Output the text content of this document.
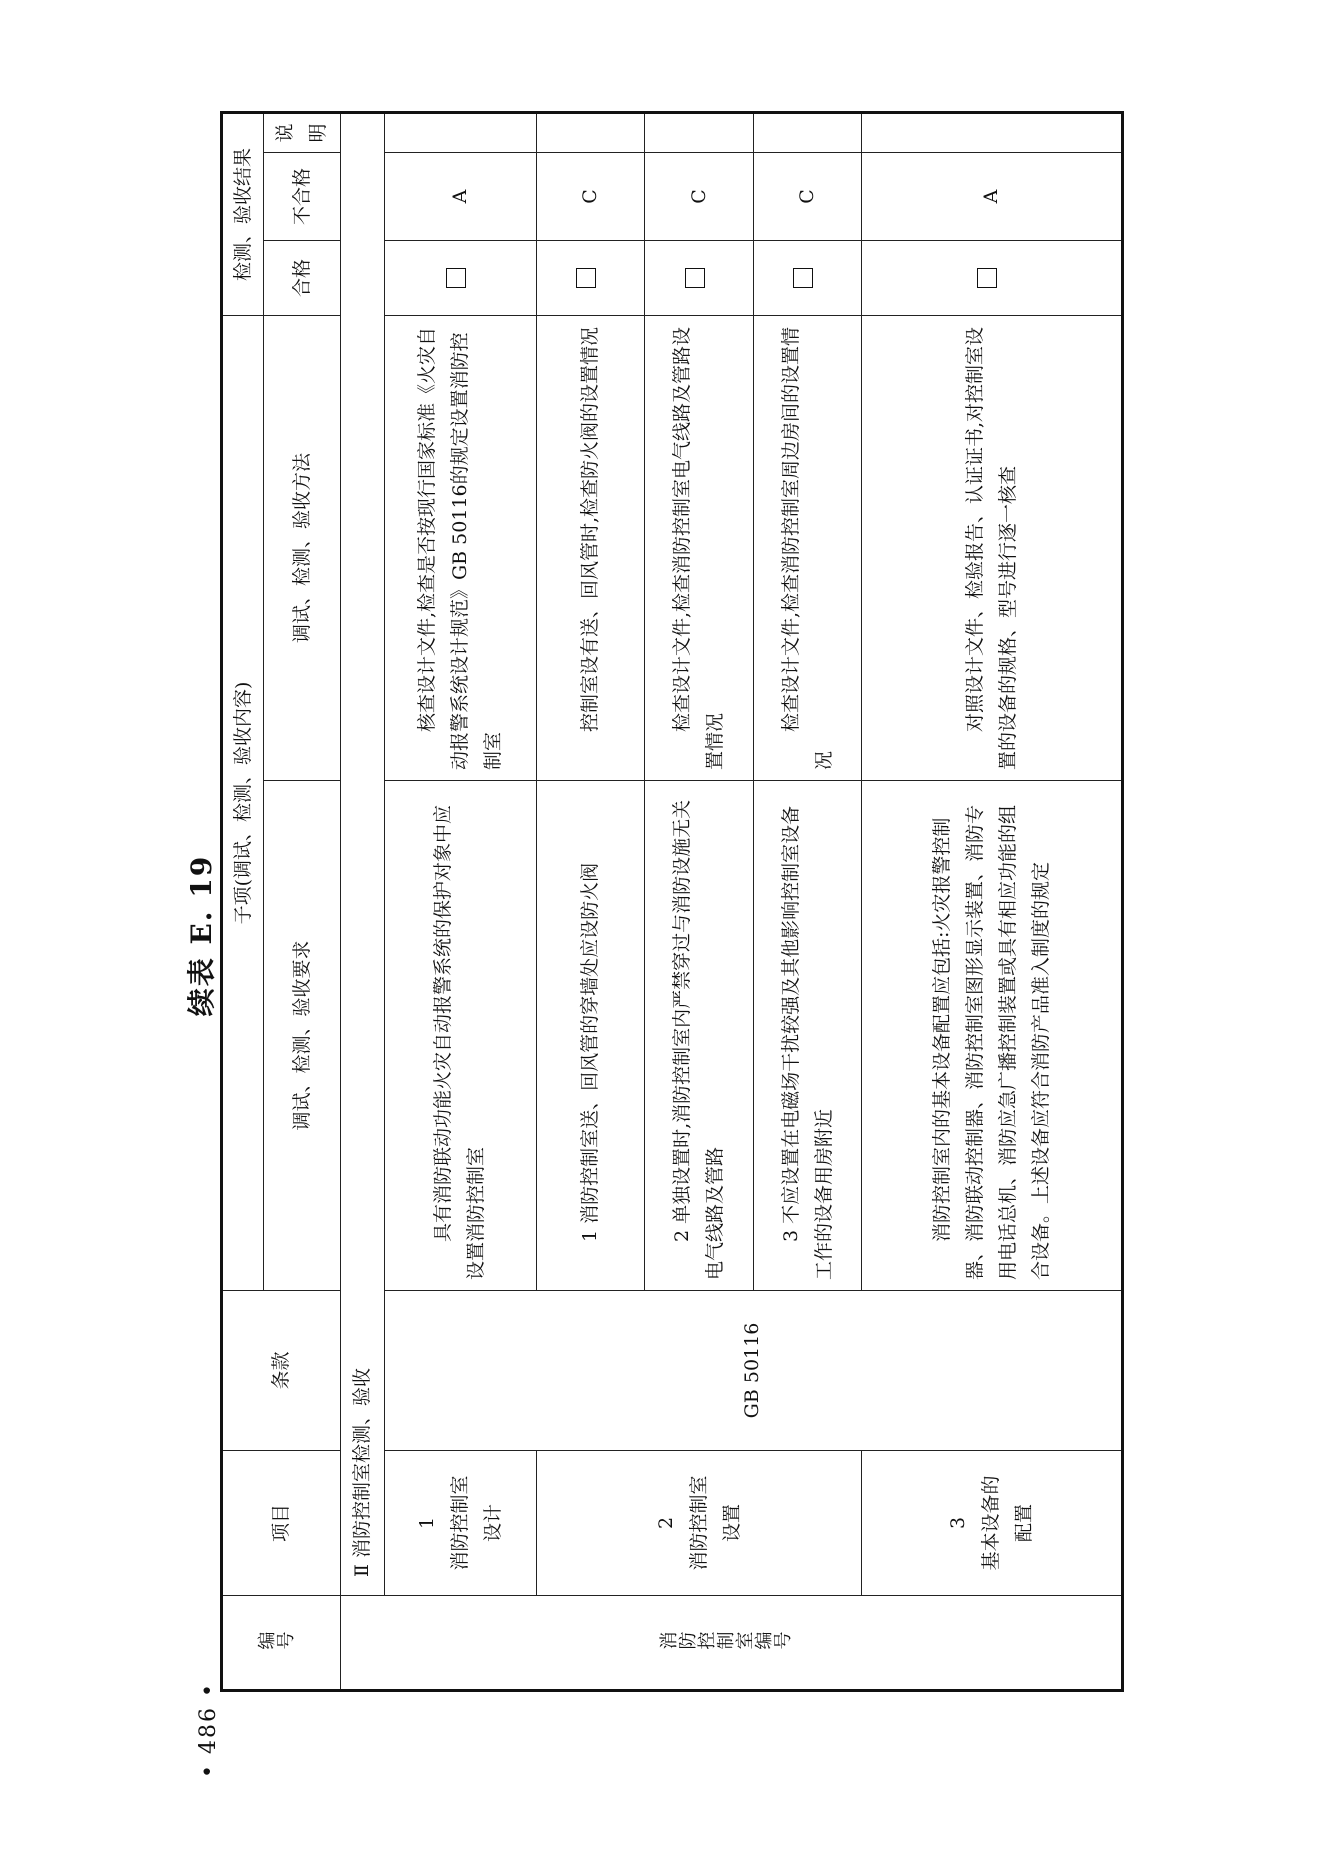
续表 E. 19
• 486 •
编号	项目	条款	子项(调试、检测、验收内容)		检测、验收结果		
			调试、检测、验收要求	调试、检测、验收方法	合格	不合格	说明
消防控制室编号	Ⅱ 消防控制室检测、验收						

	1 消防控制室设计	GB 50116	具有消防联动功能火灾自动报警系统的保护对象中应设置消防控制室	核查设计文件,检查是否按现行国家标准《火灾自动报警系统设计规范》GB 50116的规定设置消防控制室		A	

	2 消防控制室设置		1 消防控制室送、回风管的穿墙处应设防火阀	控制室设有送、回风管时,检查防火阀的设置情况		C	
			2 单独设置时,消防控制室内严禁穿过与消防设施无关电气线路及管路	检查设计文件,检查消防控制室电气线路及管路设置情况		C	
			3 不应设置在电磁场干扰较强及其他影响控制室设备工作的设备用房附近	检查设计文件,检查消防控制室周边房间的设置情况		C	

	3 基本设备的配置		消防控制室内的基本设备配置应包括:火灾报警控制器、消防联动控制器、消防控制室图形显示装置、消防专用电话总机、消防应急广播控制装置或具有相应功能的组合设备。上述设备应符合消防产品准入制度的规定	对照设计文件、检验报告、认证证书,对控制室设置的设备的规格、型号进行逐一核查		A	
